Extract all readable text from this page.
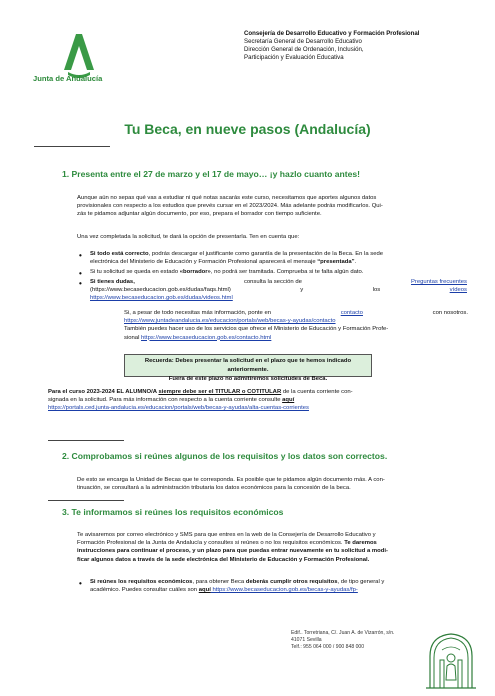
Junta de Andalucía
Consejería de Desarrollo Educativo y Formación Profesional
Secretaría General de Desarrollo Educativo
Dirección General de Ordenación, Inclusión,
Participación y Evaluación Educativa
Tu Beca, en nueve pasos (Andalucía)
1. Presenta entre el 27 de marzo y el 17 de mayo… ¡y hazlo cuanto antes!
Aunque aún no sepas qué vas a estudiar ni qué notas sacarás este curso, necesitamos que aportes algunos datos
provisionales con respecto a los estudios que prevés cursar en el 2023/2024. Más adelante podrás modificarlos. Qui-
zás te pidamos adjuntar algún documento, por eso, prepara el borrador con tiempo suficiente.
Una vez completada la solicitud, te dará la opción de presentarla. Ten en cuenta que:
• Si todo está correcto, podrás descargar el justificante como garantía de la presentación de la Beca. En la sede
electrónica del Ministerio de Educación y Formación Profesional aparecerá el mensaje “presentada”.
• Si tu solicitud se queda en estado «borrador», no podrá ser tramitada. Comprueba si te falta algún dato.
• Si tienes dudas,	consulta la sección de	Preguntas frecuentes
(https://www.becaseducacion.gob.es/dudas/faqs.html)	y	los	vídeos
https://www.becaseducacion.gob.es/dudas/videos.html
Si, a pesar de todo necesitas más información, ponte en	contacto	con nosotros.
https://www.juntadeandalucia.es/educacion/portals/web/becas-y-ayudas/contacto
También puedes hacer uso de los servicios que ofrece el Ministerio de Educación y Formación Profe-
sional https://www.becaseducacion.gob.es/contacto.html
Recuerda: Debes presentar la solicitud en el plazo que te hemos indicado anteriormente.
Fuera de este plazo no admitiremos solicitudes de Beca.
Para el curso 2023-2024 EL ALUMNO/A siempre debe ser el TITULAR o COTITULAR de la cuenta corriente con-
signada en la solicitud. Para más información con respecto a la cuenta corriente consulte aquí
https://portals.ced.junta-andalucia.es/educacion/portals/web/becas-y-ayudas/alta-cuentas-corrientes
2. Comprobamos si reúnes algunos de los requisitos y los datos son correctos.
De esto se encarga la Unidad de Becas que te corresponda. Es posible que te pidamos algún documento más. A con-
tinuación, se consultará a la administración tributaria los datos económicos para la concesión de la beca.
3. Te informamos si reúnes los requisitos económicos
Te avisaremos por correo electrónico y SMS para que entres en la web de la Consejería de Desarrollo Educativo y
Formación Profesional de la Junta de Andalucía y consultes si reúnes o no los requisitos económicos. Te daremos
instrucciones para continuar el proceso, y un plazo para que puedas entrar nuevamente en tu solicitud a modi-
ficar algunos datos a través de la sede electrónica del Ministerio de Educación y Formación Profesional.
• Si reúnes los requisitos económicos, para obtener Beca deberás cumplir otros requisitos, de tipo general y
académico. Puedes consultar cuáles son aquí https://www.becaseducacion.gob.es/becas-y-ayudas/fp-
Edif.. Torretriana, C/. Juan A. de Vizarrón, s/n.
41071 Sevilla
Telf.: 955 064 000 / 900 848 000
